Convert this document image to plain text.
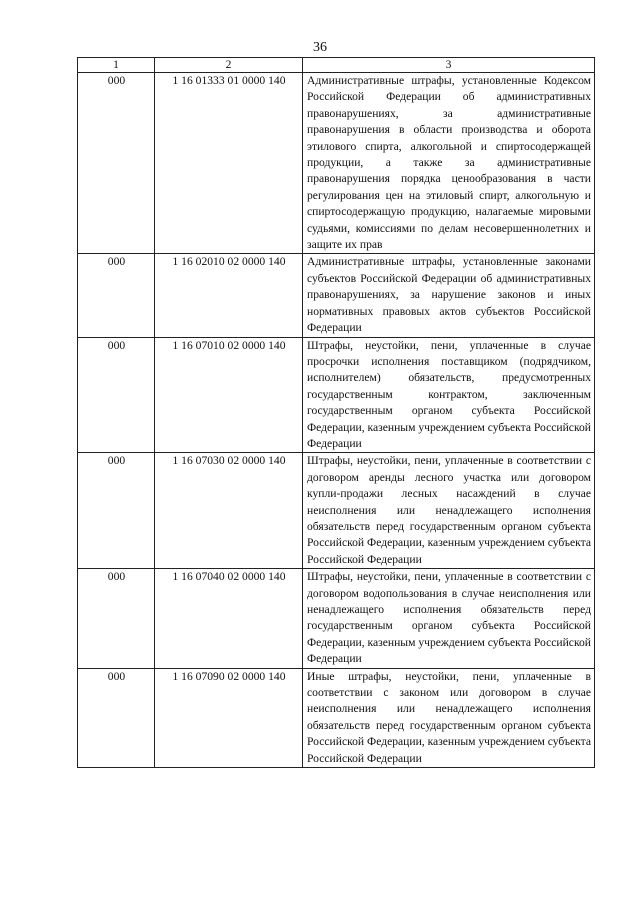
36
1	2	3
000	1 16 01333 01 0000 140	Административные штрафы, установленные Кодексом Российской Федерации об административных правонарушениях, за административные правонарушения в области производства и оборота этилового спирта, алкогольной и спиртосодержащей продукции, а также за административные правонарушения порядка ценообразования в части регулирования цен на этиловый спирт, алкогольную и спиртосодержащую продукцию, налагаемые мировыми судьями, комиссиями по делам несовершеннолетних и защите их прав
000	1 16 02010 02 0000 140	Административные штрафы, установленные законами субъектов Российской Федерации об административных правонарушениях, за нарушение законов и иных нормативных правовых актов субъектов Российской Федерации
000	1 16 07010 02 0000 140	Штрафы, неустойки, пени, уплаченные в случае просрочки исполнения поставщиком (подрядчиком, исполнителем) обязательств, предусмотренных государственным контрактом, заключенным государственным органом субъекта Российской Федерации, казенным учреждением субъекта Российской Федерации
000	1 16 07030 02 0000 140	Штрафы, неустойки, пени, уплаченные в соответствии с договором аренды лесного участка или договором купли-продажи лесных насаждений в случае неисполнения или ненадлежащего исполнения обязательств перед государственным органом субъекта Российской Федерации, казенным учреждением субъекта Российской Федерации
000	1 16 07040 02 0000 140	Штрафы, неустойки, пени, уплаченные в соответствии с договором водопользования в случае неисполнения или ненадлежащего исполнения обязательств перед государственным органом субъекта Российской Федерации, казенным учреждением субъекта Российской Федерации
000	1 16 07090 02 0000 140	Иные штрафы, неустойки, пени, уплаченные в соответствии с законом или договором в случае неисполнения или ненадлежащего исполнения обязательств перед государственным органом субъекта Российской Федерации, казенным учреждением субъекта Российской Федерации
